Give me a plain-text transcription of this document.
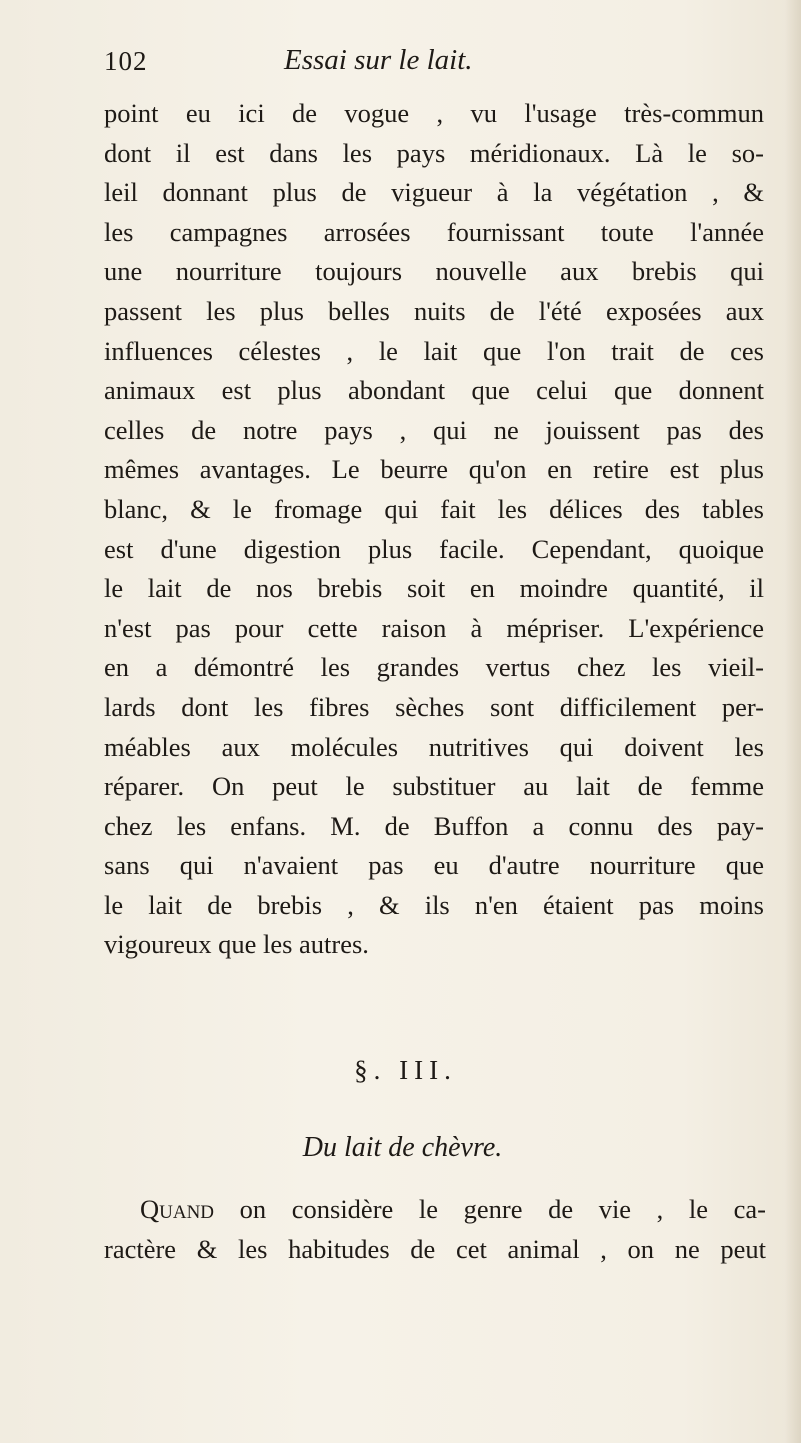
102	Essai sur le lait.
point eu ici de vogue , vu l'usage très-commun
dont il est dans les pays méridionaux. Là le so-
leil donnant plus de vigueur à la végétation , &
les campagnes arrosées fournissant toute l'année
une nourriture toujours nouvelle aux brebis qui
passent les plus belles nuits de l'été exposées aux
influences célestes , le lait que l'on trait de ces
animaux est plus abondant que celui que donnent
celles de notre pays , qui ne jouissent pas des
mêmes avantages. Le beurre qu'on en retire est plus
blanc, & le fromage qui fait les délices des tables
est d'une digestion plus facile. Cependant, quoique
le lait de nos brebis soit en moindre quantité, il
n'est pas pour cette raison à mépriser. L'expérience
en a démontré les grandes vertus chez les vieil-
lards dont les fibres sèches sont difficilement per-
méables aux molécules nutritives qui doivent les
réparer. On peut le substituer au lait de femme
chez les enfans. M. de Buffon a connu des pay-
sans qui n'avaient pas eu d'autre nourriture que
le lait de brebis , & ils n'en étaient pas moins
vigoureux que les autres.
§. III.
Du lait de chèvre.
Quand on considère le genre de vie , le ca-
ractère & les habitudes de cet animal , on ne peut
